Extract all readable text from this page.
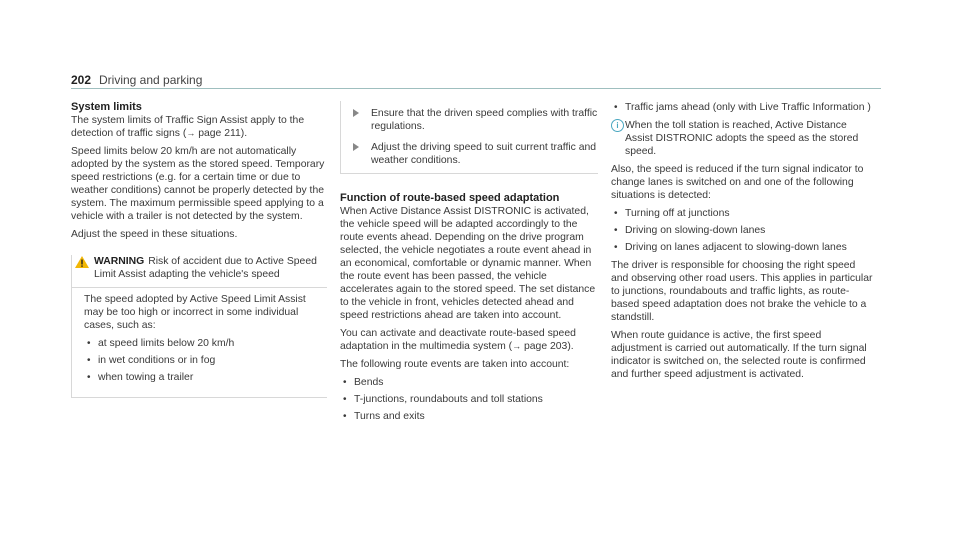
202 Driving and parking
System limits

The system limits of Traffic Sign Assist apply to the detection of traffic signs (→ page 211).

Speed limits below 20 km/h are not automatically adopted by the system as the stored speed. Temporary speed restrictions (e.g. for a certain time or due to weather conditions) cannot be properly detected by the system. The maximum permissible speed applying to a vehicle with a trailer is not detected by the system.

Adjust the speed in these situations.

WARNING Risk of accident due to Active Speed Limit Assist adapting the vehicle's speed

The speed adopted by Active Speed Limit Assist may be too high or incorrect in some individual cases, such as:

• at speed limits below 20 km/h
• in wet conditions or in fog
• when towing a trailer
Ensure that the driven speed complies with traffic regulations.
Adjust the driving speed to suit current traffic and weather conditions.
Function of route-based speed adaptation

When Active Distance Assist DISTRONIC is activated, the vehicle speed will be adapted accordingly to the route events ahead. Depending on the drive program selected, the vehicle negotiates a route event ahead in an economical, comfortable or dynamic manner. When the route event has been passed, the vehicle accelerates again to the stored speed. The set distance to the vehicle in front, vehicles detected ahead and speed restrictions ahead are taken into account.

You can activate and deactivate route-based speed adaptation in the multimedia system (→ page 203).

The following route events are taken into account:

• Bends
• T-junctions, roundabouts and toll stations
• Turns and exits
• Traffic jams ahead (only with Live Traffic Information )
i When the toll station is reached, Active Distance Assist DISTRONIC adopts the speed as the stored speed.

Also, the speed is reduced if the turn signal indicator to change lanes is switched on and one of the following situations is detected:

• Turning off at junctions
• Driving on slowing-down lanes
• Driving on lanes adjacent to slowing-down lanes

The driver is responsible for choosing the right speed and observing other road users. This applies in particular to junctions, roundabouts and traffic lights, as route-based speed adaptation does not brake the vehicle to a standstill.

When route guidance is active, the first speed adjustment is carried out automatically. If the turn signal indicator is switched on, the selected route is confirmed and further speed adjustment is activated.
